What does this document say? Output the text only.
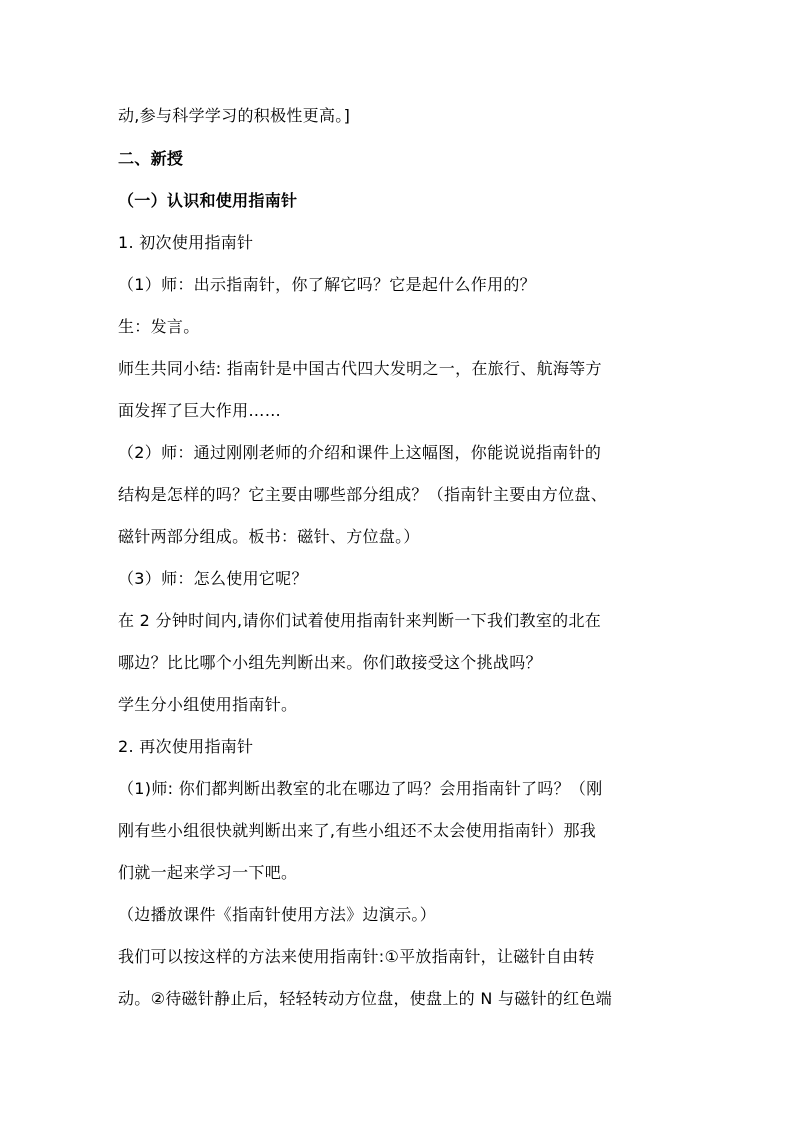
动,参与科学学习的积极性更高。]
二、新授
（一）认识和使用指南针
1. 初次使用指南针
（1）师：出示指南针，你了解它吗？它是起什么作用的？
生：发言。
师生共同小结: 指南针是中国古代四大发明之一，在旅行、航海等方
面发挥了巨大作用……
（2）师：通过刚刚老师的介绍和课件上这幅图，你能说说指南针的
结构是怎样的吗？它主要由哪些部分组成？（指南针主要由方位盘、
磁针两部分组成。板书：磁针、方位盘。）
（3）师：怎么使用它呢？
在 2 分钟时间内,请你们试着使用指南针来判断一下我们教室的北在
哪边？比比哪个小组先判断出来。你们敢接受这个挑战吗？
学生分小组使用指南针。
2. 再次使用指南针
（1)师: 你们都判断出教室的北在哪边了吗？会用指南针了吗？（刚
刚有些小组很快就判断出来了,有些小组还不太会使用指南针）那我
们就一起来学习一下吧。
（边播放课件《指南针使用方法》边演示。）
我们可以按这样的方法来使用指南针:①平放指南针，让磁针自由转
动。②待磁针静止后，轻轻转动方位盘，使盘上的 N 与磁针的红色端
